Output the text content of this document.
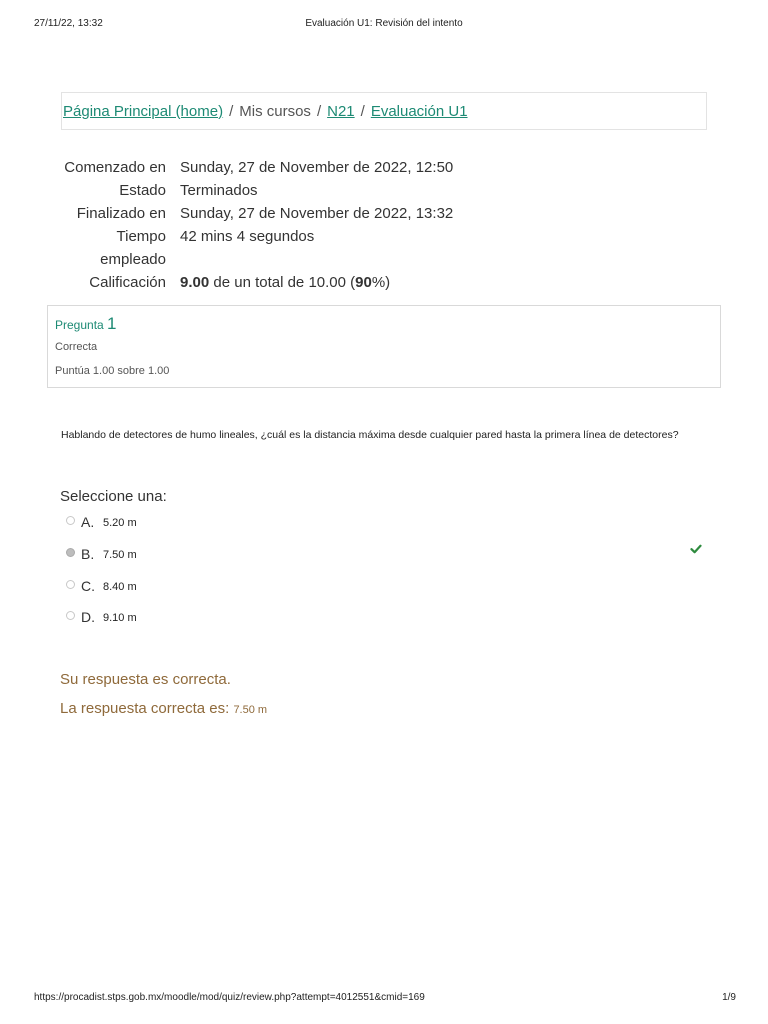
27/11/22, 13:32	Evaluación U1: Revisión del intento
Página Principal (home) / Mis cursos / N21 / Evaluación U1
Comenzado en Sunday, 27 de November de 2022, 12:50
Estado Terminados
Finalizado en Sunday, 27 de November de 2022, 13:32
Tiempo
empleado
42 mins 4 segundos
Calificación 9.00 de un total de 10.00 (90%)
Pregunta 1
Correcta
Puntúa 1.00 sobre 1.00
Hablando de detectores de humo lineales, ¿cuál es la distancia máxima desde cualquier pared hasta la primera línea de detectores?
Seleccione una:
A. 5.20 m
B. 7.50 m
C. 8.40 m
D. 9.10 m
Su respuesta es correcta.
La respuesta correcta es: 7.50 m
https://procadist.stps.gob.mx/moodle/mod/quiz/review.php?attempt=4012551&cmid=169	1/9
